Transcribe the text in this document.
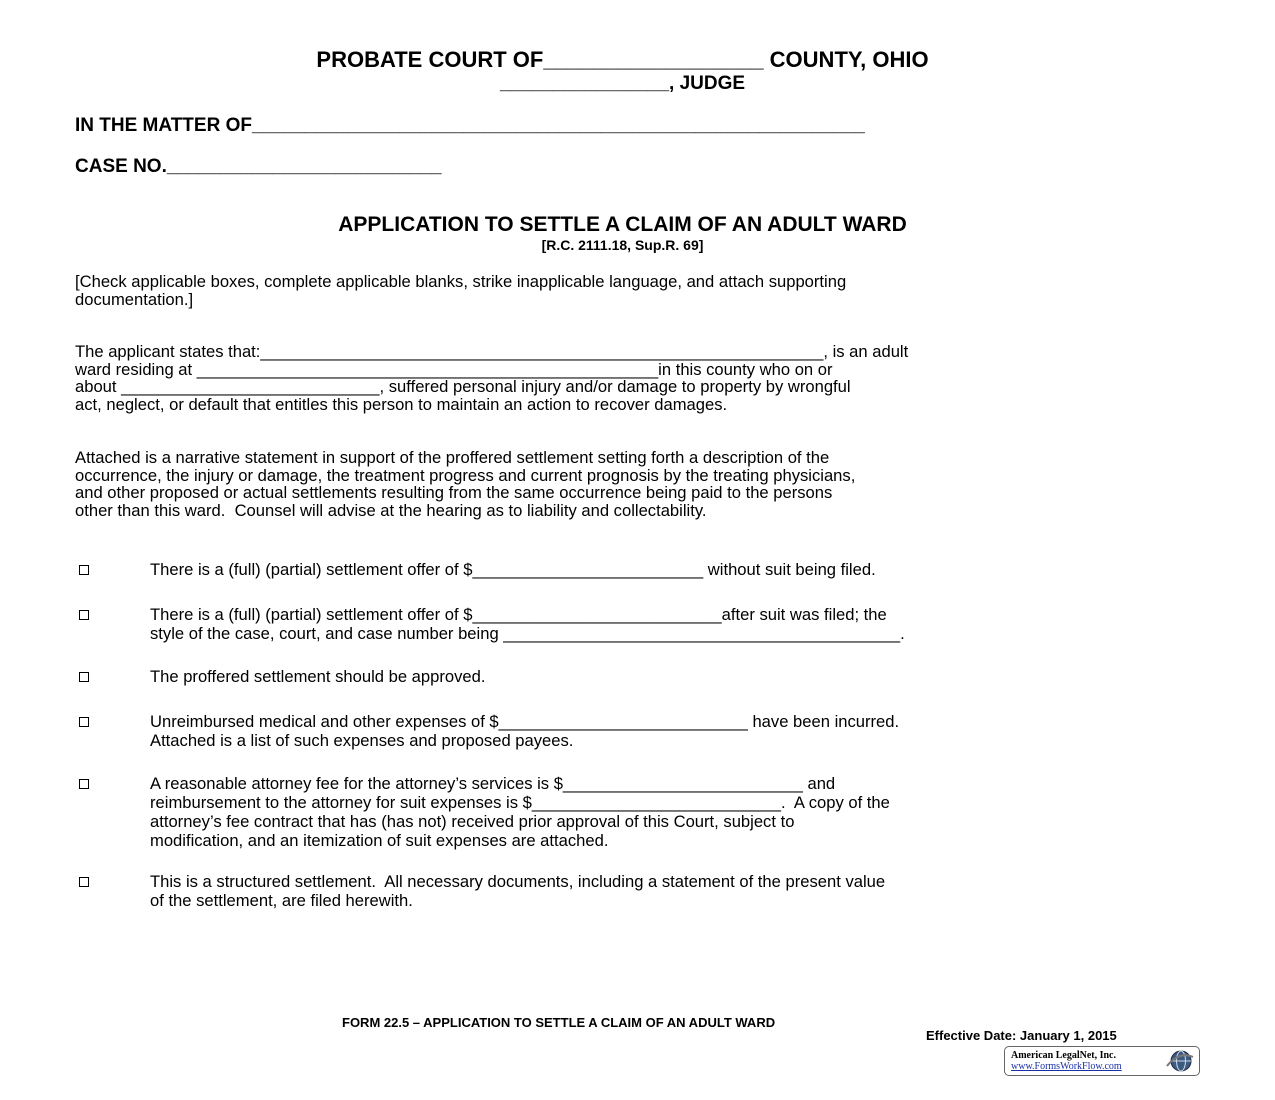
PROBATE COURT OF__________________ COUNTY, OHIO
________________, JUDGE
IN THE MATTER OF__________________________________________________________
CASE NO.__________________________
APPLICATION TO SETTLE A CLAIM OF AN ADULT WARD
[R.C. 2111.18, Sup.R. 69]
[Check applicable boxes, complete applicable blanks, strike inapplicable language, and attach supporting
documentation.]
The applicant states that:_____________________________________________________________, is an adult
ward residing at __________________________________________________in this county who on or
about ____________________________, suffered personal injury and/or damage to property by wrongful
act, neglect, or default that entitles this person to maintain an action to recover damages.
Attached is a narrative statement in support of the proffered settlement setting forth a description of the
occurrence, the injury or damage, the treatment progress and current prognosis by the treating physicians,
and other proposed or actual settlements resulting from the same occurrence being paid to the persons
other than this ward.  Counsel will advise at the hearing as to liability and collectability.
There is a (full) (partial) settlement offer of $_________________________ without suit being filed.
There is a (full) (partial) settlement offer of $___________________________after suit was filed; the
style of the case, court, and case number being ___________________________________________.
The proffered settlement should be approved.
Unreimbursed medical and other expenses of $___________________________ have been incurred.
Attached is a list of such expenses and proposed payees.
A reasonable attorney fee for the attorney’s services is $__________________________ and
reimbursement to the attorney for suit expenses is $___________________________.  A copy of the
attorney’s fee contract that has (has not) received prior approval of this Court, subject to
modification, and an itemization of suit expenses are attached.
This is a structured settlement.  All necessary documents, including a statement of the present value
of the settlement, are filed herewith.
FORM 22.5 – APPLICATION TO SETTLE A CLAIM OF AN ADULT WARD
Effective Date: January 1, 2015
American LegalNet, Inc.
www.FormsWorkFlow.com
